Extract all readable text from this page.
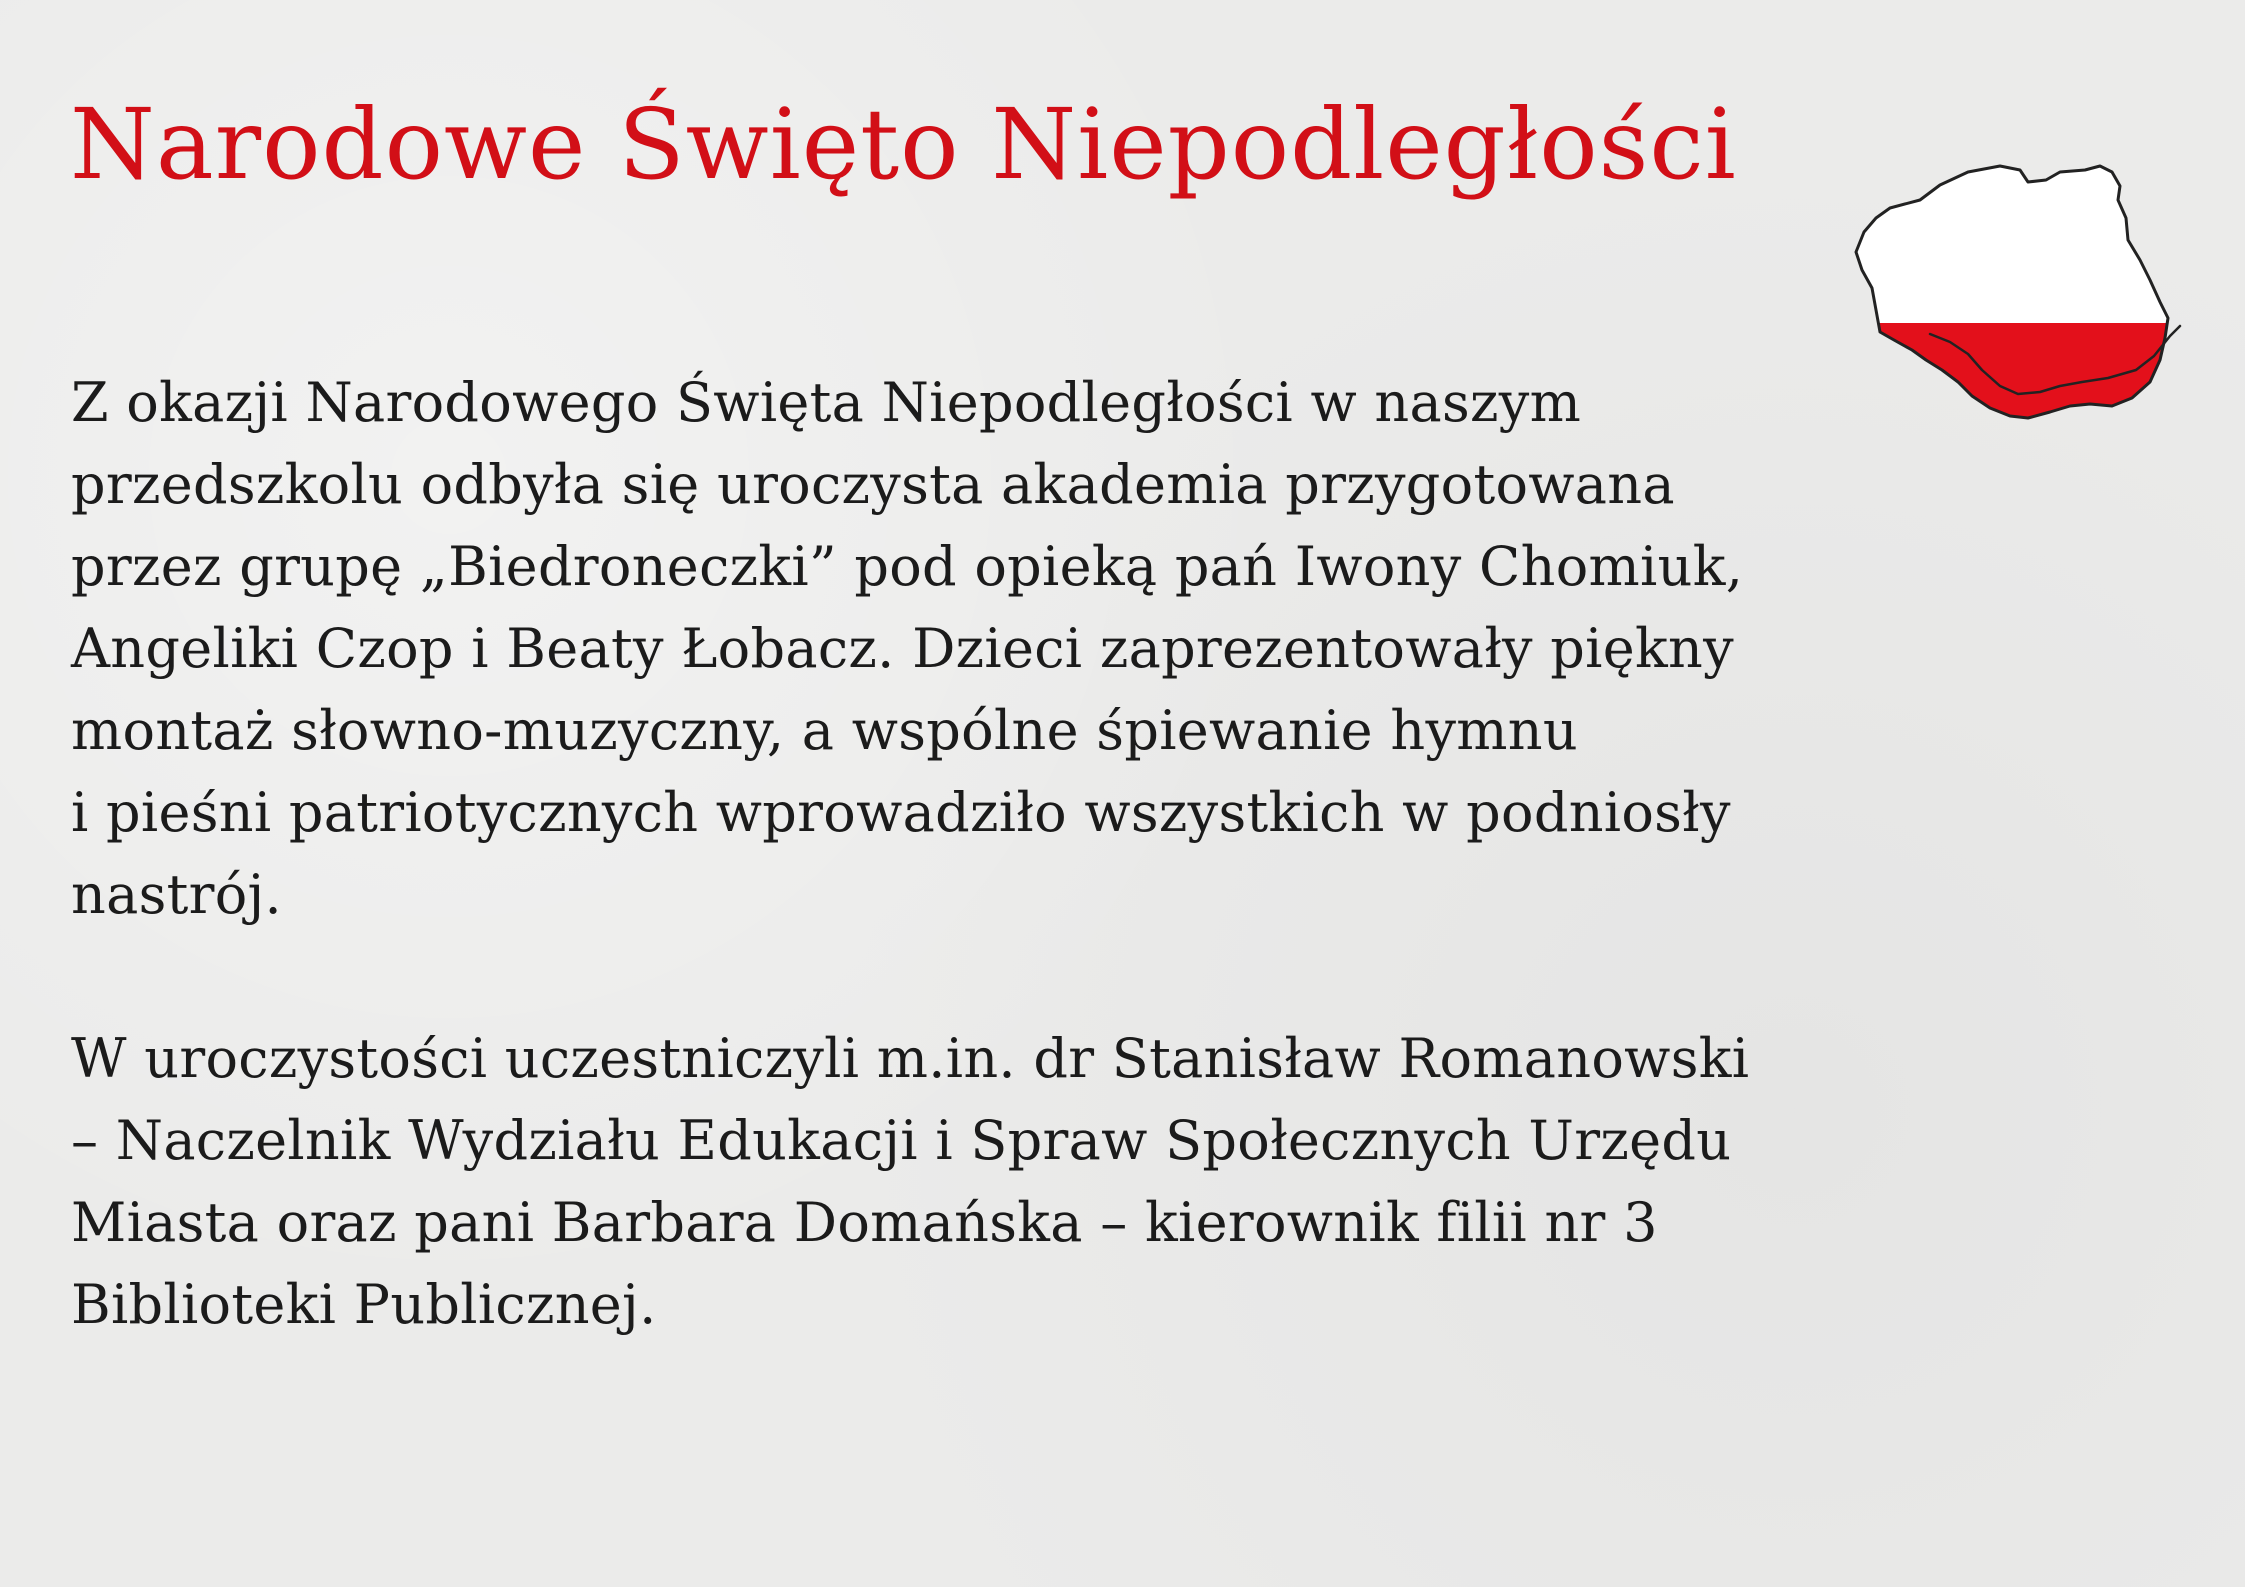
Narodowe Święto Niepodległości
Z okazji Narodowego Święta Niepodległości w naszym
przedszkolu odbyła się uroczysta akademia przygotowana
przez grupę „Biedroneczki” pod opieką pań Iwony Chomiuk,
Angeliki Czop i Beaty Łobacz. Dzieci zaprezentowały piękny
montaż słowno-muzyczny, a wspólne śpiewanie hymnu
i pieśni patriotycznych wprowadziło wszystkich w podniosły
nastrój.
W uroczystości uczestniczyli m.in. dr Stanisław Romanowski
– Naczelnik Wydziału Edukacji i Spraw Społecznych Urzędu
Miasta oraz pani Barbara Domańska – kierownik filii nr 3
Biblioteki Publicznej.
